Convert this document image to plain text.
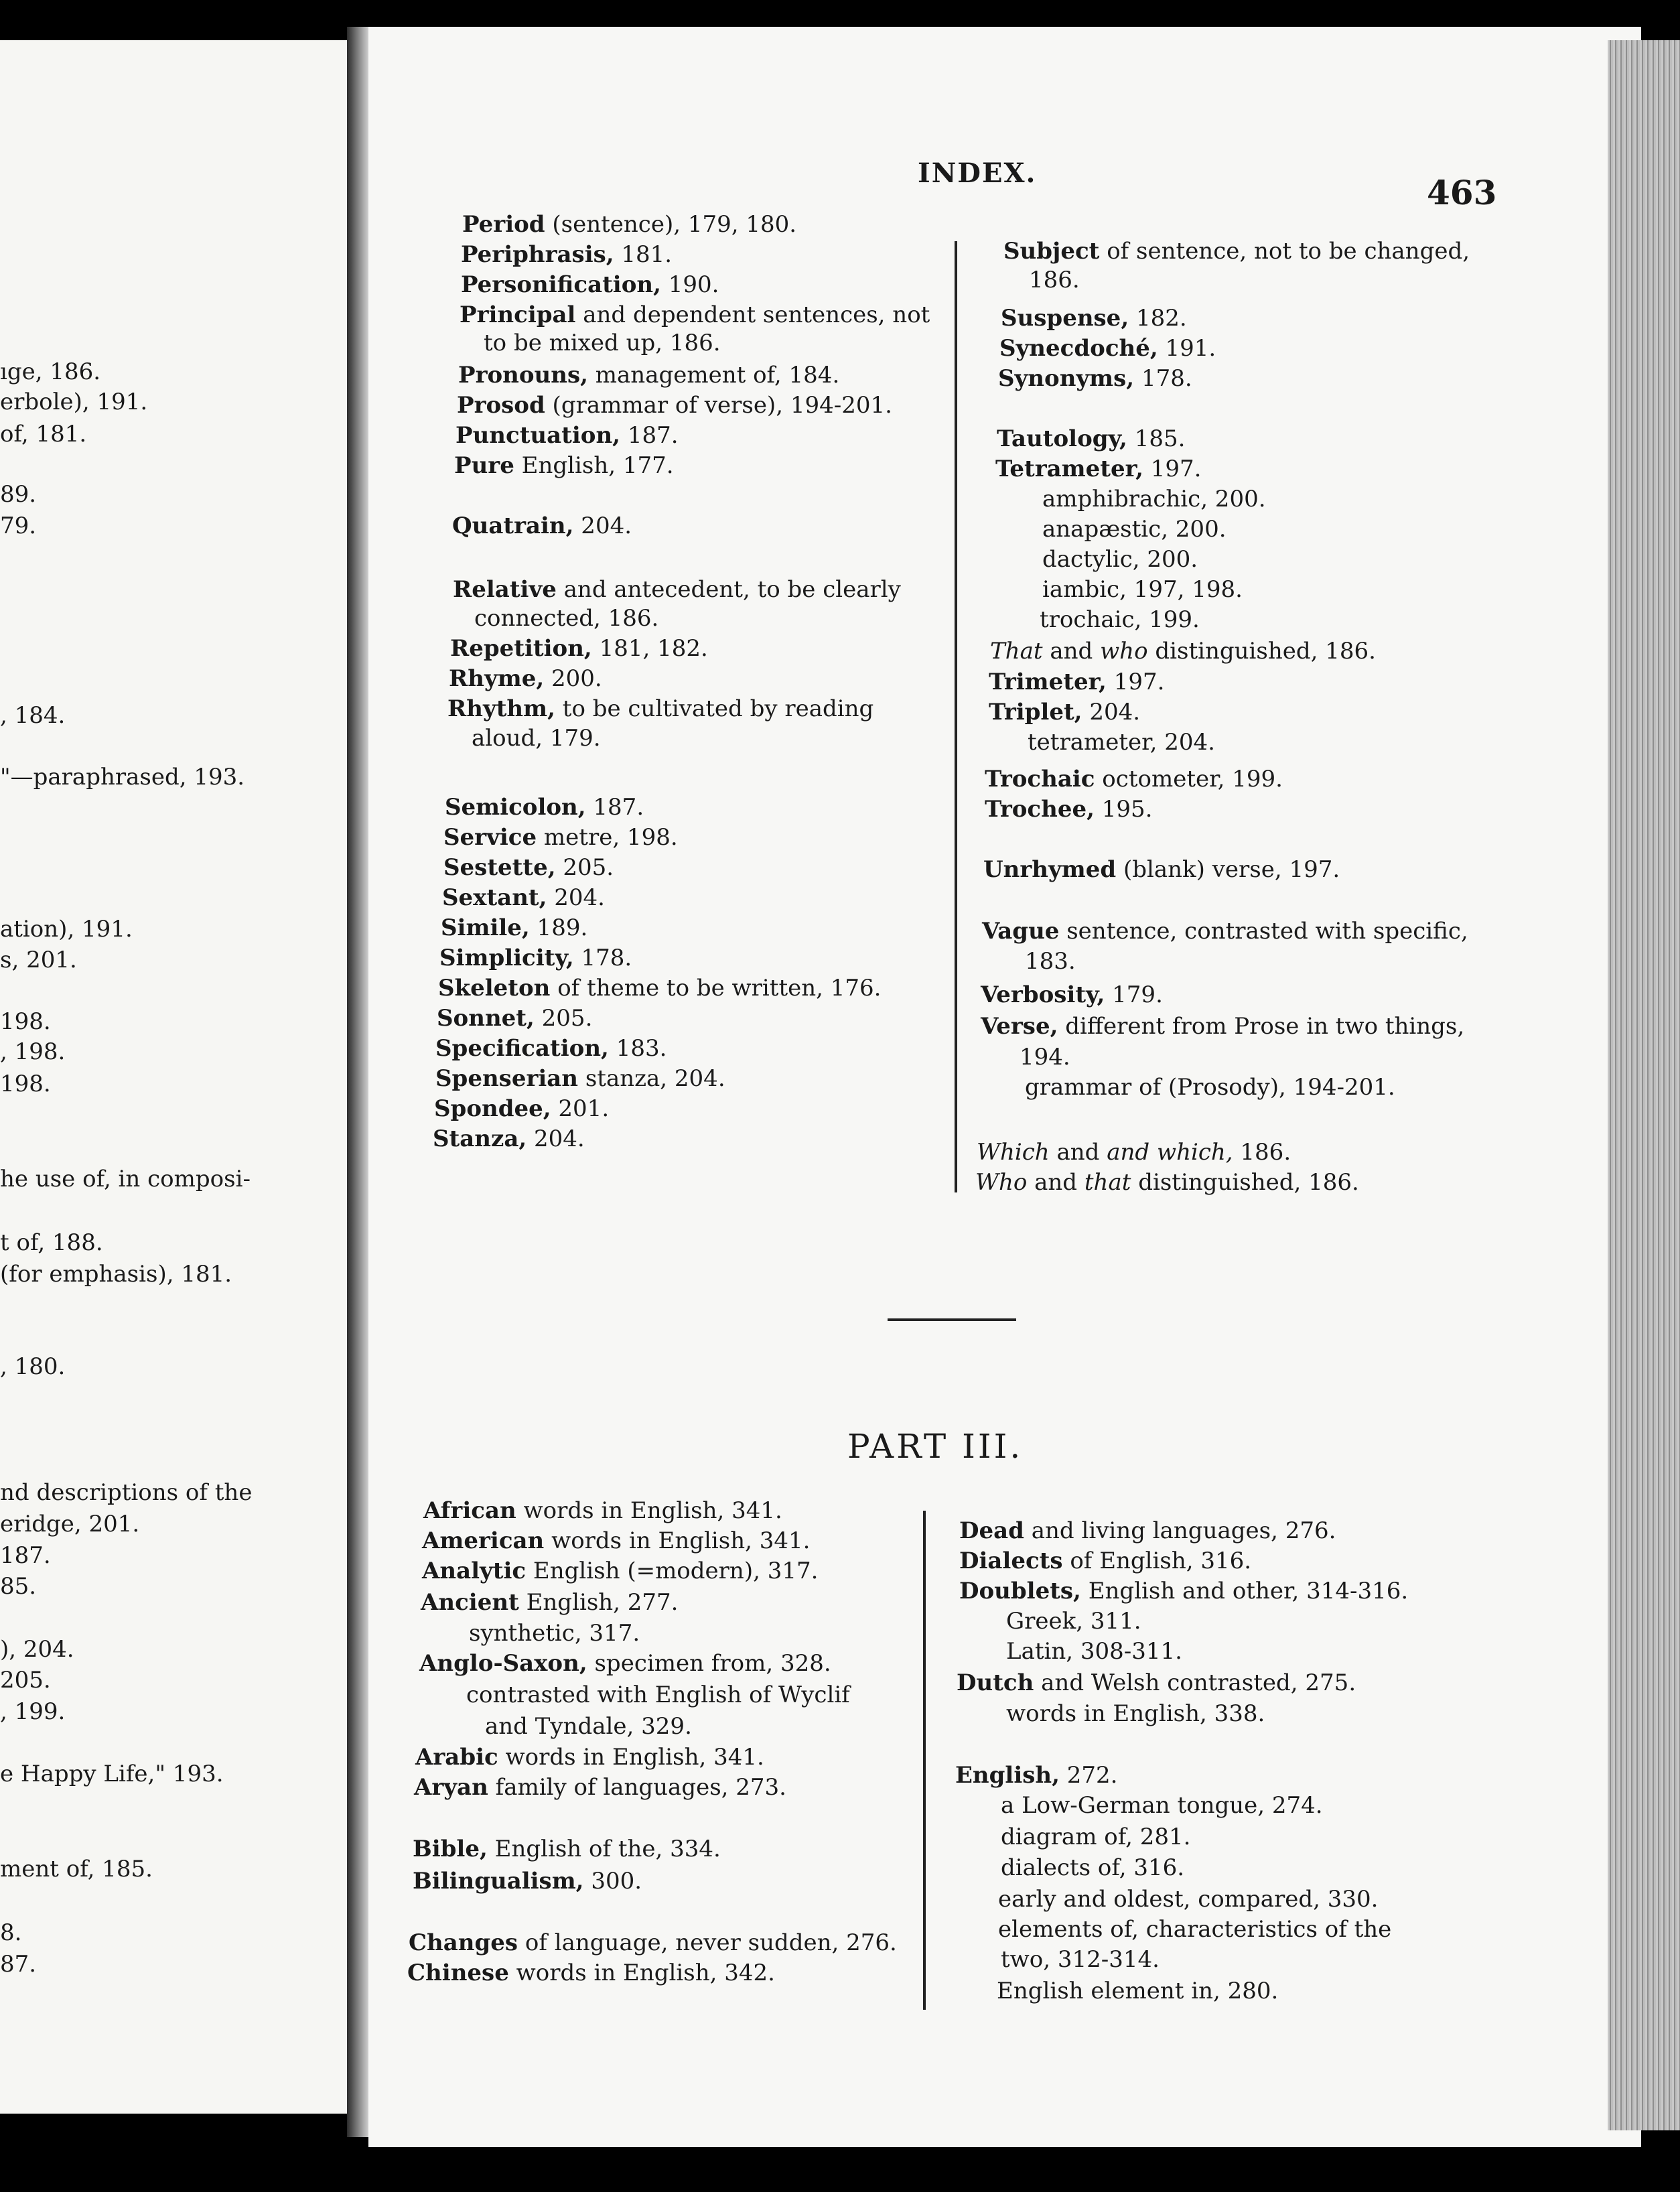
INDEX.	463
PART III.
ıge, 186.
erbole), 191.
of, 181.
89.
79.
, 184.
"—paraphrased, 193.
ation), 191.
s, 201.
198.
, 198.
198.
he use of, in composi-
t of, 188.
(for emphasis), 181.
, 180.
nd descriptions of the
eridge, 201.
187.
85.
), 204.
205.
, 199.
e Happy Life," 193.
ment of, 185.
8.
87.
Period (sentence), 179, 180.
Periphrasis, 181.
Personification, 190.
Principal and dependent sentences, not
to be mixed up, 186.
Pronouns, management of, 184.
Prosod (grammar of verse), 194-201.
Punctuation, 187.
Pure English, 177.
Quatrain, 204.
Relative and antecedent, to be clearly
connected, 186.
Repetition, 181, 182.
Rhyme, 200.
Rhythm, to be cultivated by reading
aloud, 179.
Semicolon, 187.
Service metre, 198.
Sestette, 205.
Sextant, 204.
Simile, 189.
Simplicity, 178.
Skeleton of theme to be written, 176.
Sonnet, 205.
Specification, 183.
Spenserian stanza, 204.
Spondee, 201.
Stanza, 204.
Subject of sentence, not to be changed,
186.
Suspense, 182.
Synecdoché, 191.
Synonyms, 178.
Tautology, 185.
Tetrameter, 197.
amphibrachic, 200.
anapæstic, 200.
dactylic, 200.
iambic, 197, 198.
trochaic, 199.
That and who distinguished, 186.
Trimeter, 197.
Triplet, 204.
tetrameter, 204.
Trochaic octometer, 199.
Trochee, 195.
Unrhymed (blank) verse, 197.
Vague sentence, contrasted with specific,
183.
Verbosity, 179.
Verse, different from Prose in two things,
194.
grammar of (Prosody), 194-201.
Which and and which, 186.
Who and that distinguished, 186.
African words in English, 341.
American words in English, 341.
Analytic English (=modern), 317.
Ancient English, 277.
synthetic, 317.
Anglo-Saxon, specimen from, 328.
contrasted with English of Wyclif
and Tyndale, 329.
Arabic words in English, 341.
Aryan family of languages, 273.
Bible, English of the, 334.
Bilingualism, 300.
Changes of language, never sudden, 276.
Chinese words in English, 342.
Dead and living languages, 276.
Dialects of English, 316.
Doublets, English and other, 314-316.
Greek, 311.
Latin, 308-311.
Dutch and Welsh contrasted, 275.
words in English, 338.
English, 272.
a Low-German tongue, 274.
diagram of, 281.
dialects of, 316.
early and oldest, compared, 330.
elements of, characteristics of the
two, 312-314.
English element in, 280.
